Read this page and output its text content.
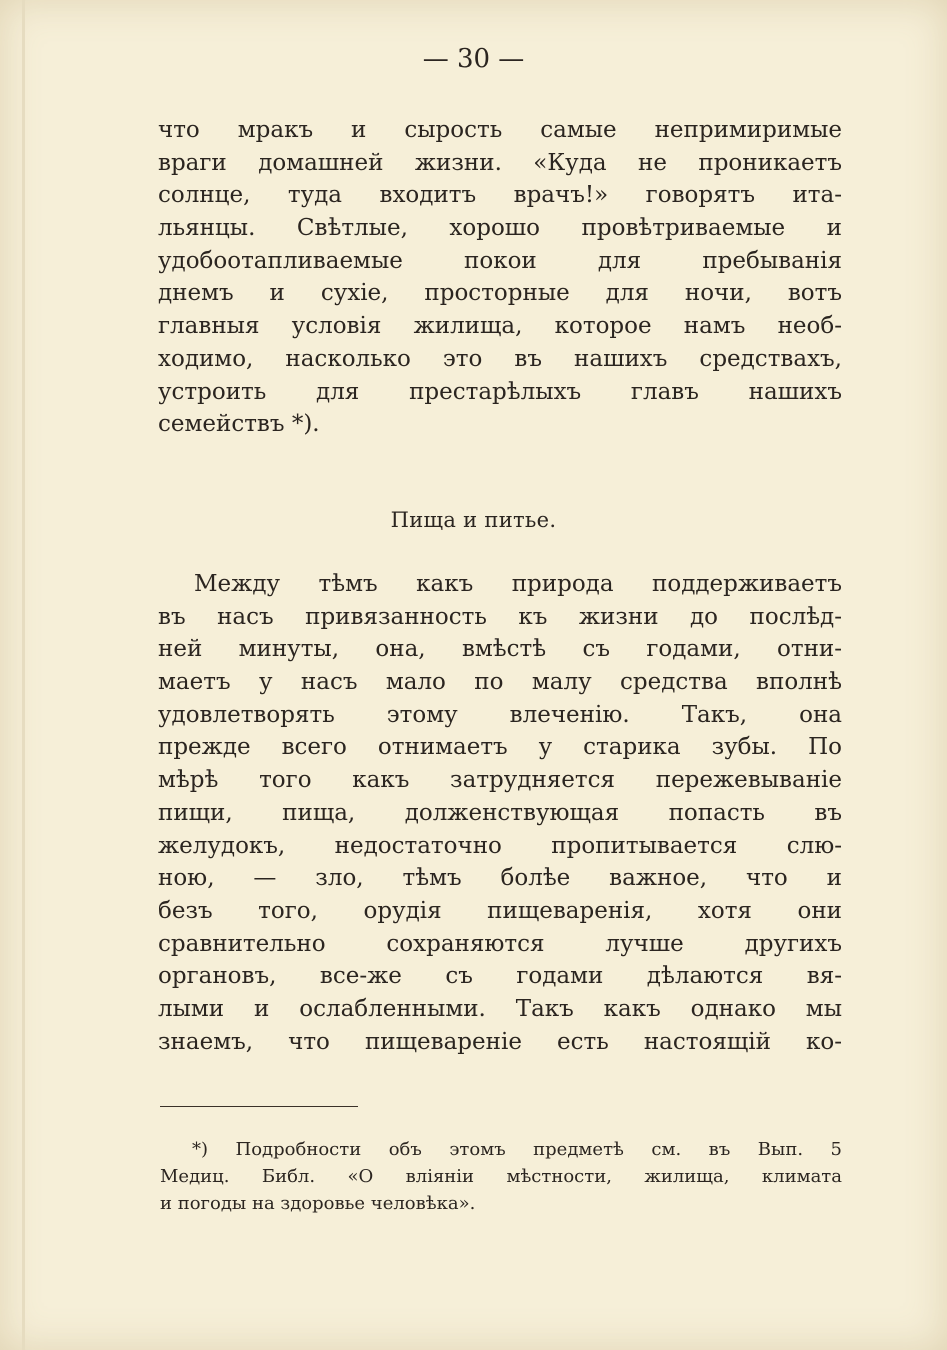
— 30 —
что мракъ и сырость самые непримиримые
враги домашней жизни. «Куда не проникаетъ
солнце, туда входитъ врачъ!» говорятъ ита-
льянцы. Свѣтлые, хорошо провѣтриваемые и
удобоотапливаемые покои для пребыванія
днемъ и сухіе, просторные для ночи, вотъ
главныя условія жилища, которое намъ необ-
ходимо, насколько это въ нашихъ средствахъ,
устроить для престарѣлыхъ главъ нашихъ
семействъ *).
Пища и питье.
Между тѣмъ какъ природа поддерживаетъ
въ насъ привязанность къ жизни до послѣд-
ней минуты, она, вмѣстѣ съ годами, отни-
маетъ у насъ мало по малу средства вполнѣ
удовлетворять этому влеченію. Такъ, она
прежде всего отнимаетъ у старика зубы. По
мѣрѣ того какъ затрудняется пережевываніе
пищи, пища, долженствующая попасть въ
желудокъ, недостаточно пропитывается слю-
ною, — зло, тѣмъ болѣе важное, что и
безъ того, орудія пищеваренія, хотя они
сравнительно сохраняются лучше другихъ
органовъ, все-же съ годами дѣлаются вя-
лыми и ослабленными. Такъ какъ однако мы
знаемъ, что пищевареніе есть настоящій ко-
*) Подробности объ этомъ предметѣ см. въ Вып. 5
Медиц. Библ. «О вліяніи мѣстности, жилища, климата
и погоды на здоровье человѣка».
